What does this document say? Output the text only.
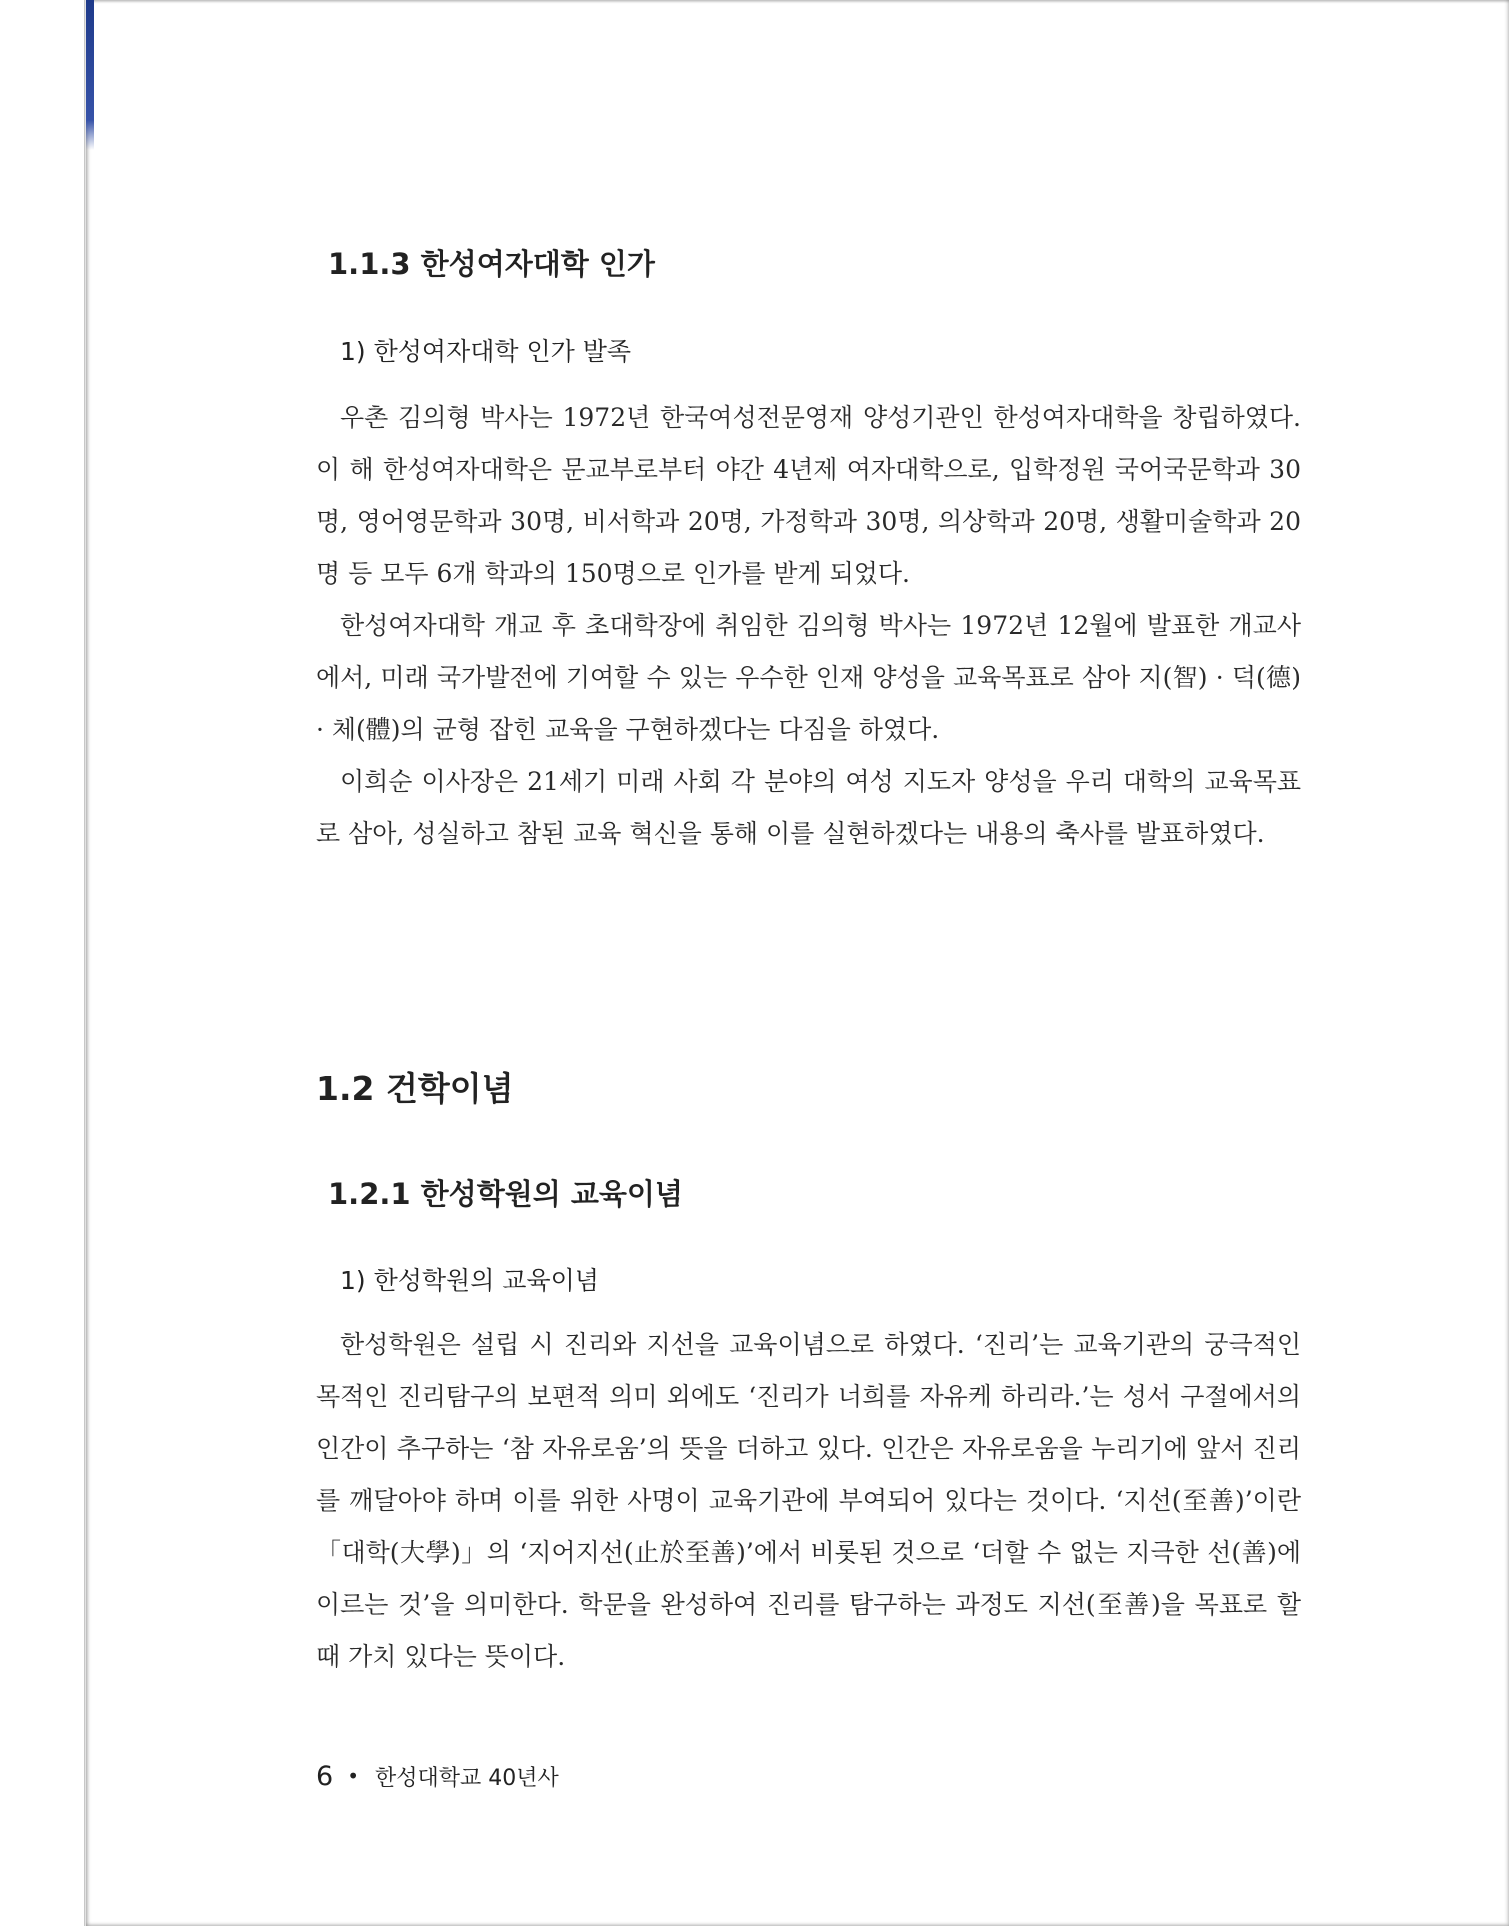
1.1.3 한성여자대학 인가
1) 한성여자대학 인가 발족

우촌 김의형 박사는 1972년 한국여성전문영재 양성기관인 한성여자대학을 창립하였다. 이 해 한성여자대학은 문교부로부터 야간 4년제 여자대학으로, 입학정원 국어국문학과 30명, 영어영문학과 30명, 비서학과 20명, 가정학과 30명, 의상학과 20명, 생활미술학과 20명 등 모두 6개 학과의 150명으로 인가를 받게 되었다.

한성여자대학 개교 후 초대학장에 취임한 김의형 박사는 1972년 12월에 발표한 개교사에서, 미래 국가발전에 기여할 수 있는 우수한 인재 양성을 교육목표로 삼아 지(智) · 덕(德) · 체(體)의 균형 잡힌 교육을 구현하겠다는 다짐을 하였다.

이희순 이사장은 21세기 미래 사회 각 분야의 여성 지도자 양성을 우리 대학의 교육목표로 삼아, 성실하고 참된 교육 혁신을 통해 이를 실현하겠다는 내용의 축사를 발표하였다.

1.2 건학이념
1.2.1 한성학원의 교육이념
1) 한성학원의 교육이념

한성학원은 설립 시 진리와 지선을 교육이념으로 하였다. ‘진리’는 교육기관의 궁극적인 목적인 진리탐구의 보편적 의미 외에도 ‘진리가 너희를 자유케 하리라.’는 성서 구절에서의 인간이 추구하는 ‘참 자유로움’의 뜻을 더하고 있다. 인간은 자유로움을 누리기에 앞서 진리를 깨달아야 하며 이를 위한 사명이 교육기관에 부여되어 있다는 것이다. ‘지선(至善)’이란 「대학(大學)」의 ‘지어지선(止於至善)’에서 비롯된 것으로 ‘더할 수 없는 지극한 선(善)에 이르는 것’을 의미한다. 학문을 완성하여 진리를 탐구하는 과정도 지선(至善)을 목표로 할 때 가치 있다는 뜻이다.

6 • 한성대학교 40년사
